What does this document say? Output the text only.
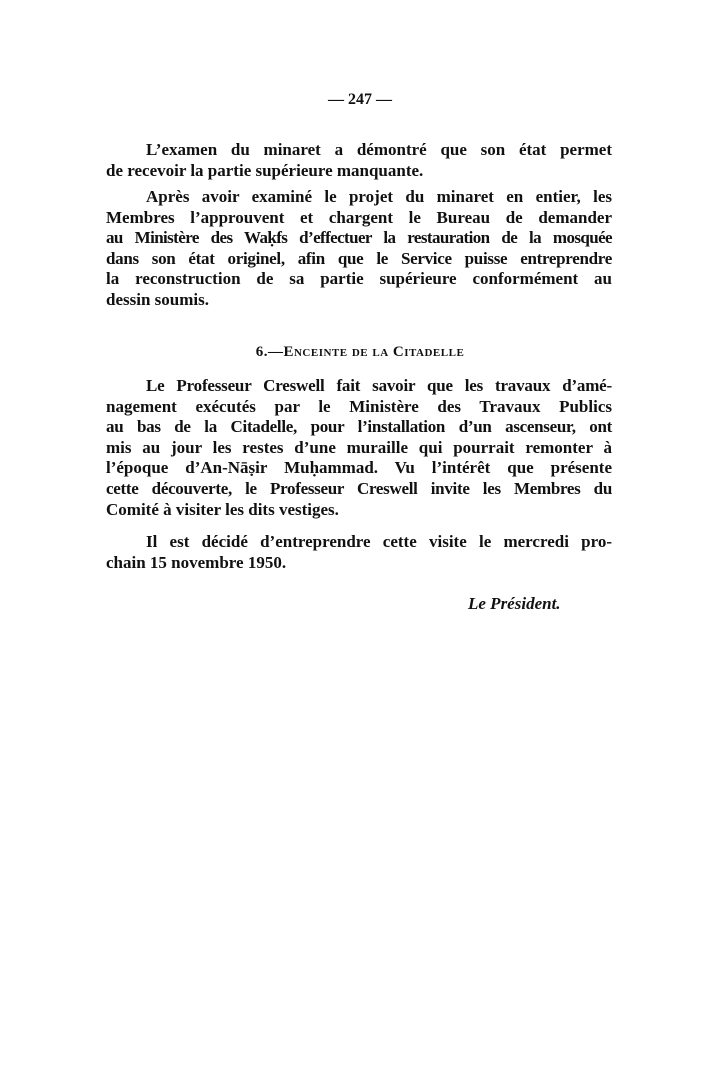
— 247 —
L’examen du minaret a démontré que son état permet
de recevoir la partie supérieure manquante.
Après avoir examiné le projet du minaret en entier, les
Membres l’approuvent et chargent le Bureau de demander
au Ministère des Waḳfs d’effectuer la restauration de la mosquée
dans son état originel, afin que le Service puisse entreprendre
la reconstruction de sa partie supérieure conformément au
dessin soumis.
6.—Enceinte de la Citadelle
Le Professeur Creswell fait savoir que les travaux d’amé-
nagement exécutés par le Ministère des Travaux Publics
au bas de la Citadelle, pour l’installation d’un ascenseur, ont
mis au jour les restes d’une muraille qui pourrait remonter à
l’époque d’An-Nāṣir Muḥammad. Vu l’intérêt que présente
cette découverte, le Professeur Creswell invite les Membres du
Comité à visiter les dits vestiges.
Il est décidé d’entreprendre cette visite le mercredi pro-
chain 15 novembre 1950.
Le Président.
